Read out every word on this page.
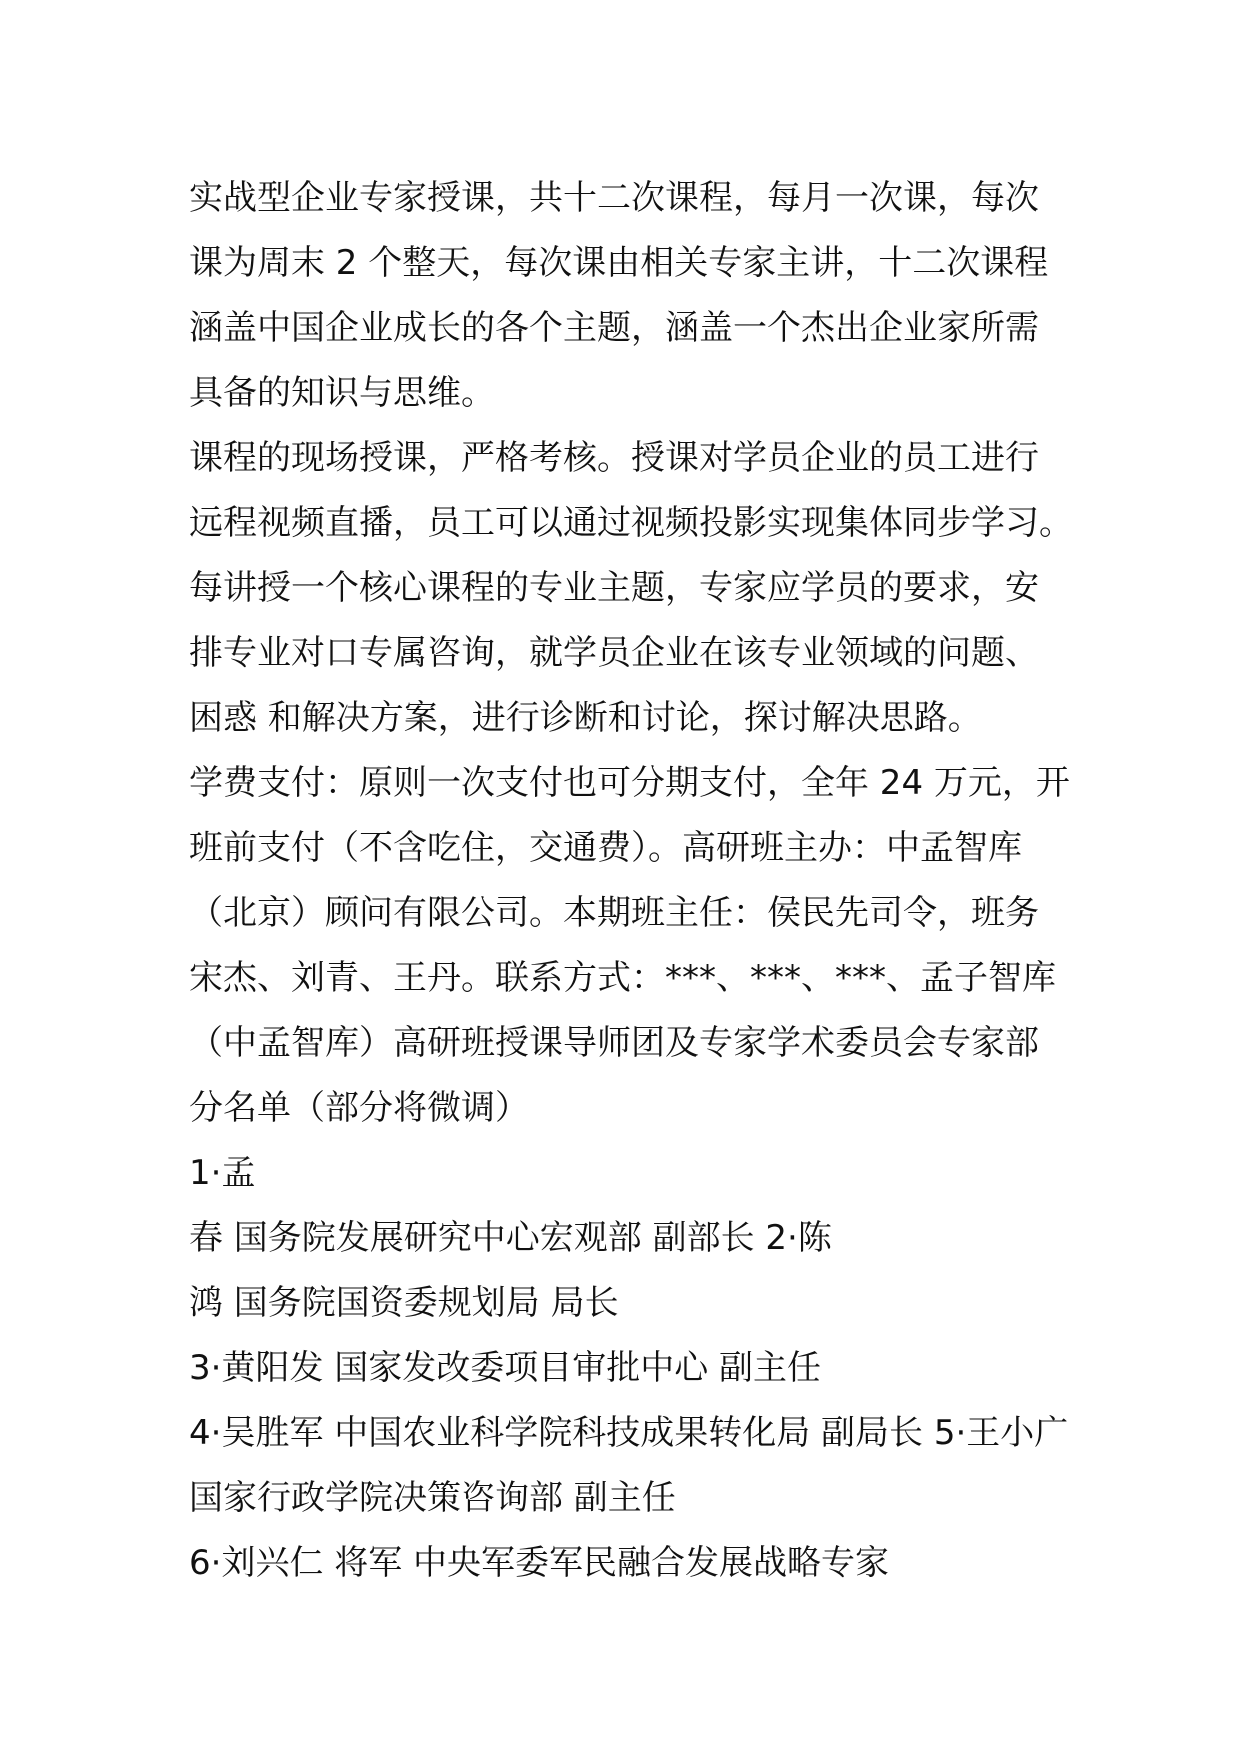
实战型企业专家授课，共十二次课程，每月一次课，每次
课为周末 2 个整天，每次课由相关专家主讲，十二次课程
涵盖中国企业成长的各个主题，涵盖一个杰出企业家所需
具备的知识与思维。
课程的现场授课，严格考核。授课对学员企业的员工进行
远程视频直播，员工可以通过视频投影实现集体同步学习。
每讲授一个核心课程的专业主题，专家应学员的要求，安
排专业对口专属咨询，就学员企业在该专业领域的问题、
困惑 和解决方案，进行诊断和讨论，探讨解决思路。
学费支付：原则一次支付也可分期支付，全年 24 万元，开
班前支付（不含吃住，交通费）。高研班主办：中孟智库
（北京）顾问有限公司。本期班主任：侯民先司令，班务
宋杰、刘青、王丹。联系方式：***、***、***、孟子智库
（中孟智库）高研班授课导师团及专家学术委员会专家部
分名单（部分将微调）
1·孟
春 国务院发展研究中心宏观部 副部长 2·陈
鸿 国务院国资委规划局 局长
3·黄阳发 国家发改委项目审批中心 副主任
4·吴胜军 中国农业科学院科技成果转化局 副局长 5·王小广
国家行政学院决策咨询部 副主任
6·刘兴仁 将军 中央军委军民融合发展战略专家
